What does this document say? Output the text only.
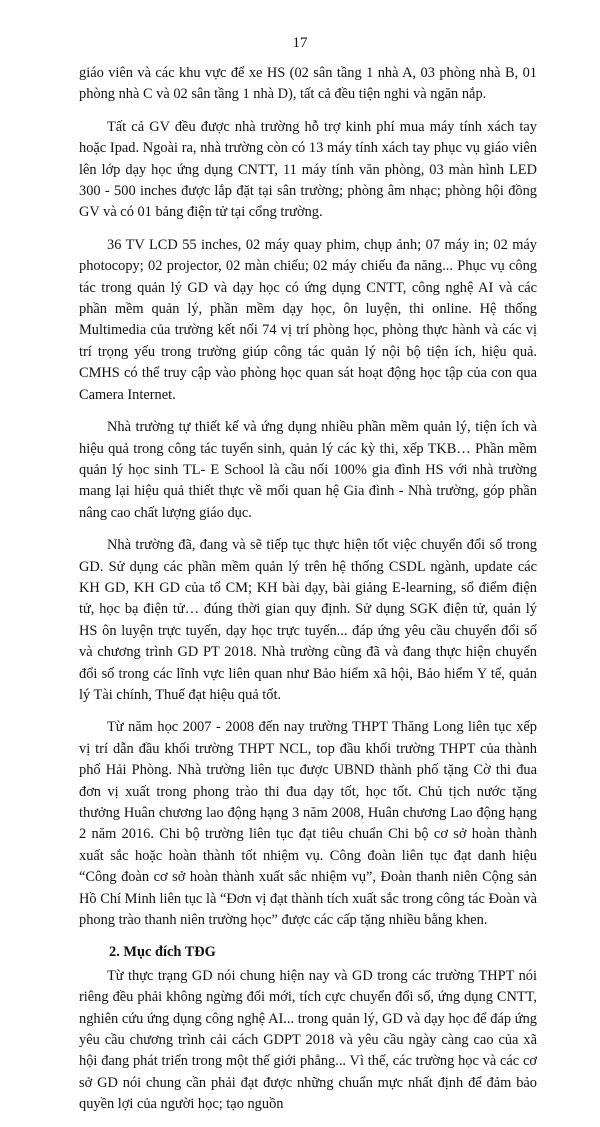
17

giáo viên và các khu vực để xe HS (02 sân tầng 1 nhà A, 03 phòng nhà B, 01 phòng nhà C và 02 sân tầng 1 nhà D), tất cả đều tiện nghi và ngăn nắp.

Tất cả GV đều được nhà trường hỗ trợ kinh phí mua máy tính xách tay hoặc Ipad. Ngoài ra, nhà trường còn có 13 máy tính xách tay phục vụ giáo viên lên lớp dạy học ứng dụng CNTT, 11 máy tính văn phòng, 03 màn hình LED 300 - 500 inches được lắp đặt tại sân trường; phòng âm nhạc; phòng hội đồng GV và có 01 bảng điện tử tại cổng trường.

36 TV LCD 55 inches, 02 máy quay phim, chụp ảnh; 07 máy in; 02 máy photocopy; 02 projector, 02 màn chiếu; 02 máy chiếu đa năng... Phục vụ công tác trong quản lý GD và dạy học có ứng dụng CNTT, công nghệ AI và các phần mềm quản lý, phần mềm dạy học, ôn luyện, thi online. Hệ thống Multimedia của trường kết nối 74 vị trí phòng học, phòng thực hành và các vị trí trọng yếu trong trường giúp công tác quản lý nội bộ tiện ích, hiệu quả. CMHS có thể truy cập vào phòng học quan sát hoạt động học tập của con qua Camera Internet.

Nhà trường tự thiết kế và ứng dụng nhiều phần mềm quản lý, tiện ích và hiệu quả trong công tác tuyển sinh, quản lý các kỳ thi, xếp TKB… Phần mềm quản lý học sinh TL- E School là cầu nối 100% gia đình HS với nhà trường mang lại hiệu quả thiết thực về mối quan hệ Gia đình - Nhà trường, góp phần nâng cao chất lượng giáo dục.

Nhà trường đã, đang và sẽ tiếp tục thực hiện tốt việc chuyển đổi số trong GD. Sử dụng các phần mềm quản lý trên hệ thống CSDL ngành, update các KH GD, KH GD của tổ CM; KH bài dạy, bài giảng E-learning, sổ điểm điện tử, học bạ điện tử… đúng thời gian quy định. Sử dụng SGK điện tử, quản lý HS ôn luyện trực tuyến, dạy học trực tuyến... đáp ứng yêu cầu chuyển đổi số và chương trình GD PT 2018. Nhà trường cũng đã và đang thực hiện chuyển đổi số trong các lĩnh vực liên quan như Bảo hiểm xã hội, Bảo hiểm Y tế, quản lý Tài chính, Thuế đạt hiệu quả tốt.

Từ năm học 2007 - 2008 đến nay trường THPT Thăng Long liên tục xếp vị trí dẫn đầu khối trường THPT NCL, top đầu khối trường THPT của thành phố Hải Phòng. Nhà trường liên tục được UBND thành phố tặng Cờ thi đua đơn vị xuất trong phong trào thi đua dạy tốt, học tốt. Chủ tịch nước tặng thưởng Huân chương lao động hạng 3 năm 2008, Huân chương Lao động hạng 2 năm 2016. Chi bộ trường liên tục đạt tiêu chuẩn Chi bộ cơ sở hoàn thành xuất sắc hoặc hoàn thành tốt nhiệm vụ. Công đoàn liên tục đạt danh hiệu “Công đoàn cơ sở hoàn thành xuất sắc nhiệm vụ”, Đoàn thanh niên Cộng sản Hồ Chí Minh liên tục là “Đơn vị đạt thành tích xuất sắc trong công tác Đoàn và phong trào thanh niên trường học” được các cấp tặng nhiều bằng khen.

2. Mục đích TĐG

Từ thực trạng GD nói chung hiện nay và GD trong các trường THPT nói riêng đều phải không ngừng đổi mới, tích cực chuyển đổi số, ứng dụng CNTT, nghiên cứu ứng dụng công nghệ AI... trong quản lý, GD và dạy học để đáp ứng yêu cầu chương trình cải cách GDPT 2018 và yêu cầu ngày càng cao của xã hội đang phát triển trong một thế giới phẳng... Vì thế, các trường học và các cơ sở GD nói chung cần phải đạt được những chuẩn mực nhất định để đảm bảo quyền lợi của người học; tạo nguồn
